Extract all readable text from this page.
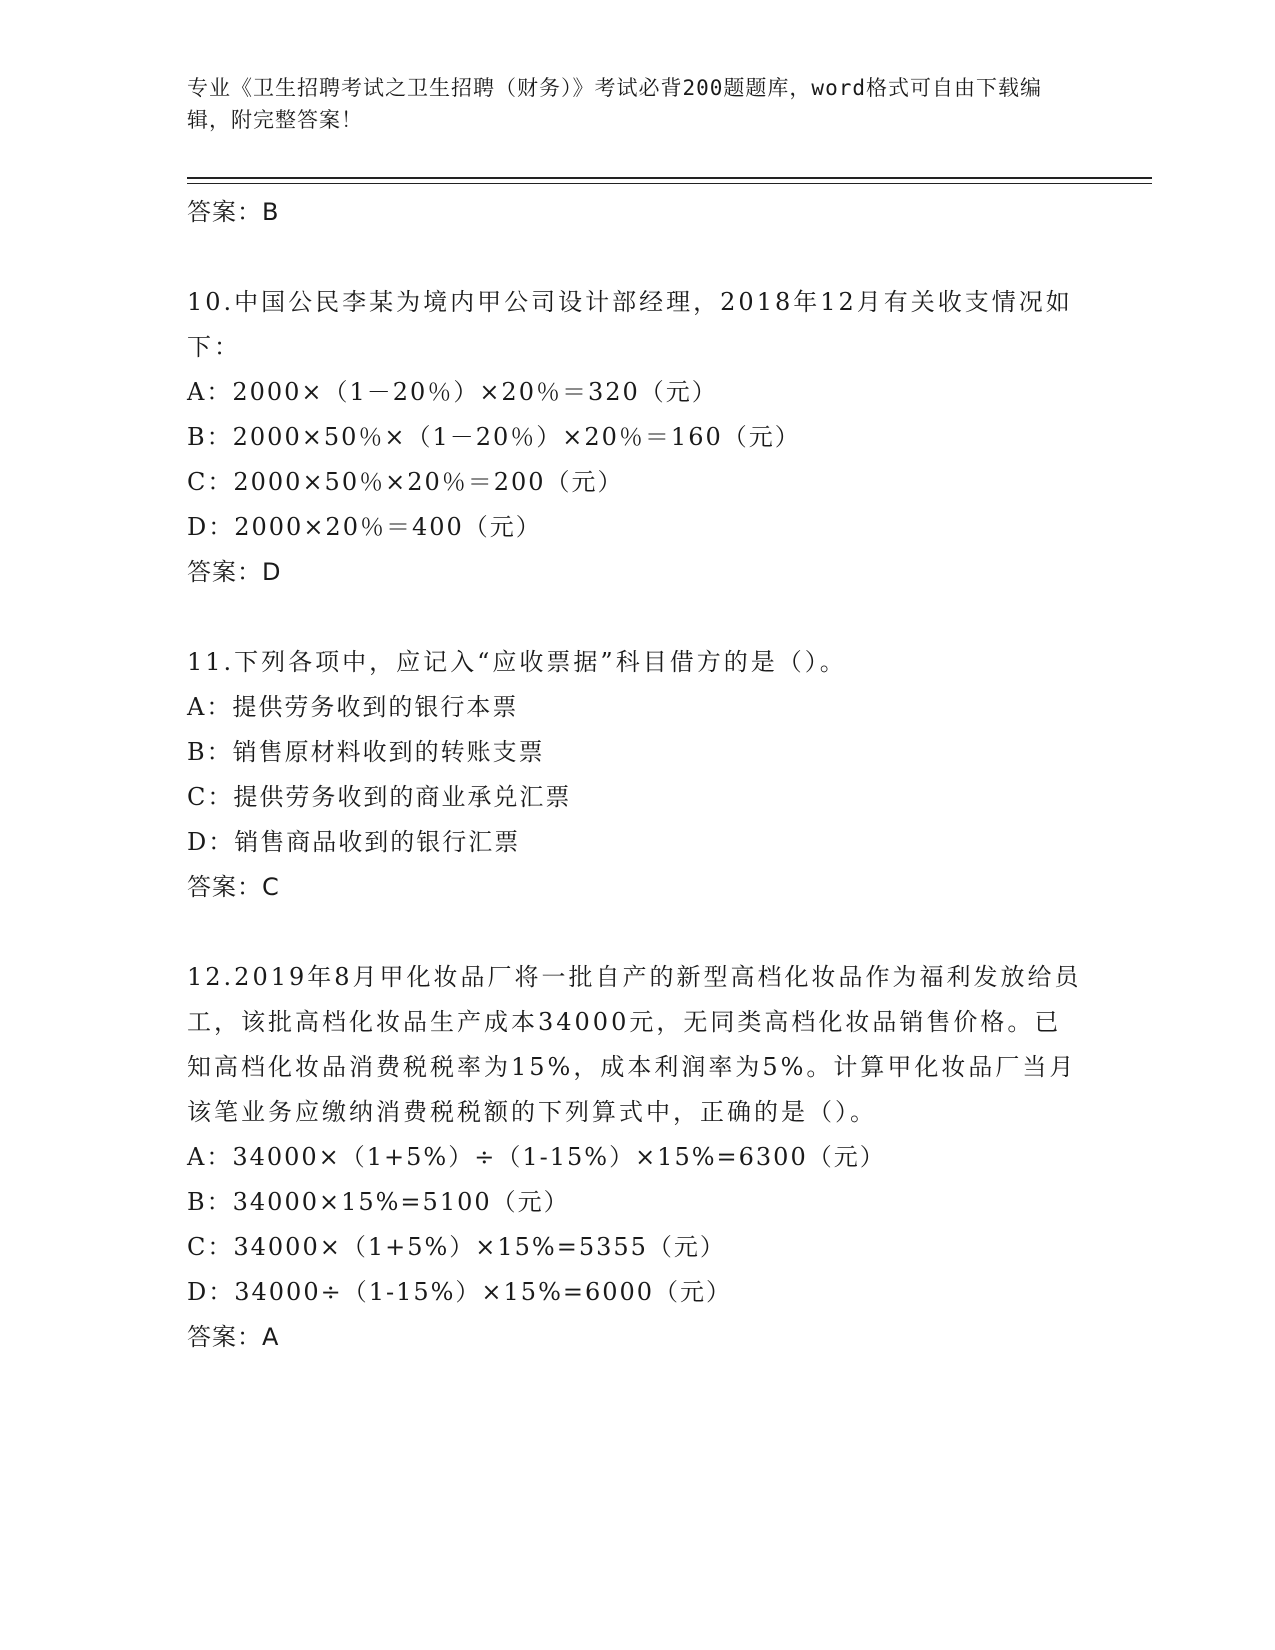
专业《卫生招聘考试之卫生招聘（财务）》考试必背200题题库，word格式可自由下载编辑，附完整答案！

答案：B

10.中国公民李某为境内甲公司设计部经理，2018年12月有关收支情况如下：

A：2000×（1－20％）×20％＝320（元）

B：2000×50％×（1－20％）×20％＝160（元）

C：2000×50％×20％＝200（元）

D：2000×20％＝400（元）

答案：D

11.下列各项中，应记入“应收票据”科目借方的是（）。

A：提供劳务收到的银行本票

B：销售原材料收到的转账支票

C：提供劳务收到的商业承兑汇票

D：销售商品收到的银行汇票

答案：C

12.2019年8月甲化妆品厂将一批自产的新型高档化妆品作为福利发放给员工，该批高档化妆品生产成本34000元，无同类高档化妆品销售价格。已知高档化妆品消费税税率为15%，成本利润率为5%。计算甲化妆品厂当月该笔业务应缴纳消费税税额的下列算式中，正确的是（）。

A：34000×（1+5%）÷（1-15%）×15%=6300（元）

B：34000×15%=5100（元）

C：34000×（1+5%）×15%=5355（元）

D：34000÷（1-15%）×15%=6000（元）

答案：A
